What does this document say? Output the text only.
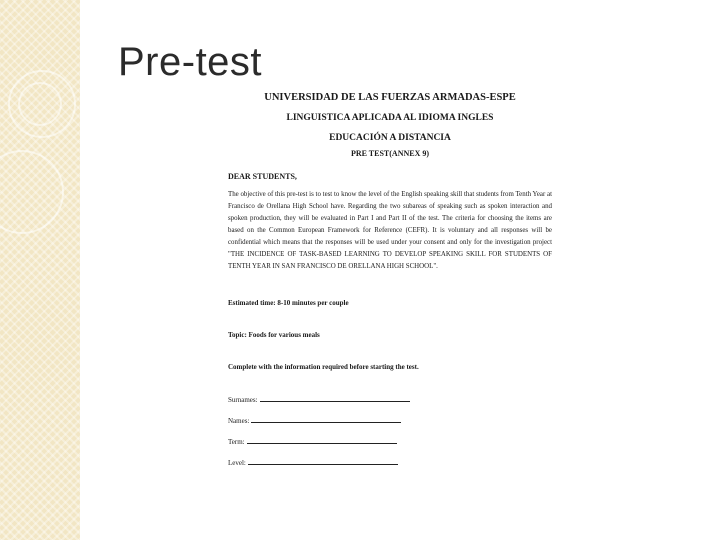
Pre-test

UNIVERSIDAD DE LAS FUERZAS ARMADAS-ESPE

LINGUISTICA APLICADA AL IDIOMA INGLES

EDUCACIÓN A DISTANCIA

PRE TEST(ANNEX 9)

DEAR STUDENTS,

The objective of this pre-test is to test to know the level of the English speaking skill that students from Tenth Year at Francisco de Orellana High School have. Regarding the two subareas of speaking such as spoken interaction and spoken production, they will be evaluated in Part I and Part II of the test. The criteria for choosing the items are based on the Common European Framework for Reference (CEFR). It is voluntary and all responses will be confidential which means that the responses will be used under your consent and only for the investigation project "THE INCIDENCE OF TASK-BASED LEARNING TO DEVELOP SPEAKING SKILL FOR STUDENTS OF TENTH YEAR IN SAN FRANCISCO DE ORELLANA HIGH SCHOOL".

Estimated time: 8-10 minutes per couple

Topic: Foods for various meals

Complete with the information required before starting the test.

Surnames:

Names:

Term:

Level:
